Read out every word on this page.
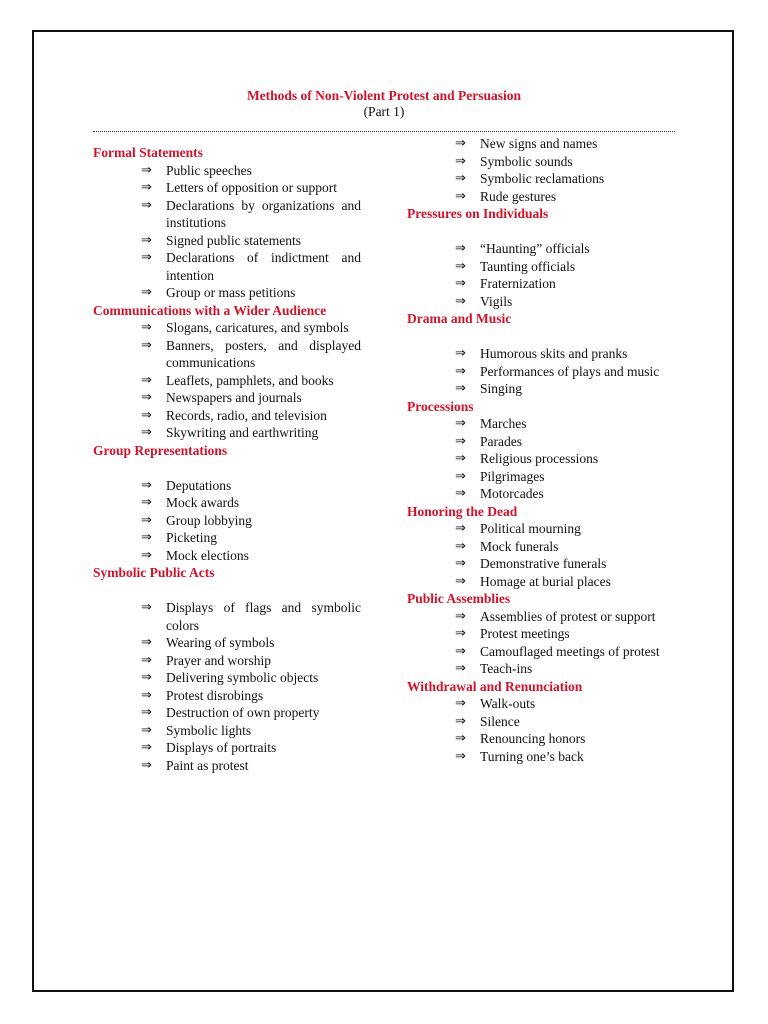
Methods of Non-Violent Protest and Persuasion
(Part 1)
Formal Statements
⇒ Public speeches
⇒ Letters of opposition or support
⇒ Declarations by organizations and institutions
⇒ Signed public statements
⇒ Declarations of indictment and intention
⇒ Group or mass petitions
Communications with a Wider Audience
⇒ Slogans, caricatures, and symbols
⇒ Banners, posters, and displayed communications
⇒ Leaflets, pamphlets, and books
⇒ Newspapers and journals
⇒ Records, radio, and television
⇒ Skywriting and earthwriting
Group Representations
⇒ Deputations
⇒ Mock awards
⇒ Group lobbying
⇒ Picketing
⇒ Mock elections
Symbolic Public Acts
⇒ Displays of flags and symbolic colors
⇒ Wearing of symbols
⇒ Prayer and worship
⇒ Delivering symbolic objects
⇒ Protest disrobings
⇒ Destruction of own property
⇒ Symbolic lights
⇒ Displays of portraits
⇒ Paint as protest
⇒ New signs and names
⇒ Symbolic sounds
⇒ Symbolic reclamations
⇒ Rude gestures
Pressures on Individuals
⇒ “Haunting” officials
⇒ Taunting officials
⇒ Fraternization
⇒ Vigils
Drama and Music
⇒ Humorous skits and pranks
⇒ Performances of plays and music
⇒ Singing
Processions
⇒ Marches
⇒ Parades
⇒ Religious processions
⇒ Pilgrimages
⇒ Motorcades
Honoring the Dead
⇒ Political mourning
⇒ Mock funerals
⇒ Demonstrative funerals
⇒ Homage at burial places
Public Assemblies
⇒ Assemblies of protest or support
⇒ Protest meetings
⇒ Camouflaged meetings of protest
⇒ Teach-ins
Withdrawal and Renunciation
⇒ Walk-outs
⇒ Silence
⇒ Renouncing honors
⇒ Turning one’s back
